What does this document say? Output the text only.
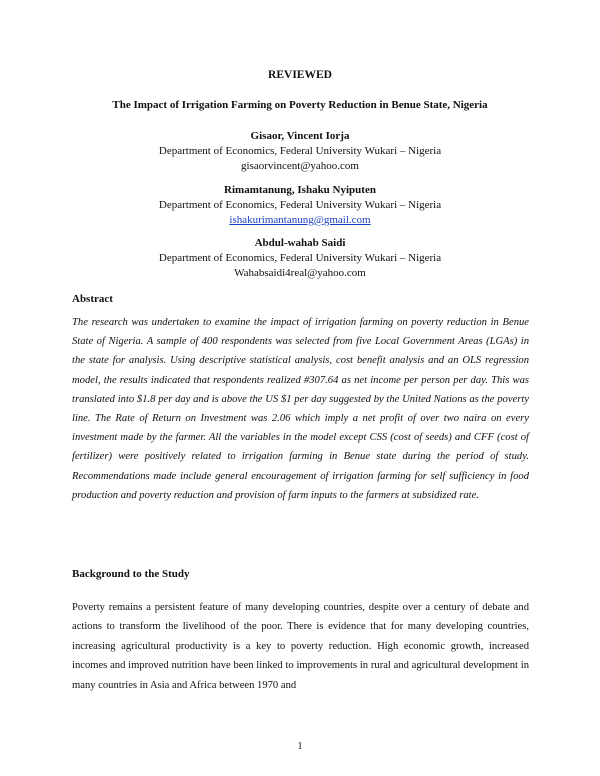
REVIEWED
The Impact of Irrigation Farming on Poverty Reduction in Benue State, Nigeria
Gisaor, Vincent Iorja
Department of Economics, Federal University Wukari – Nigeria
gisaorvincent@yahoo.com
Rimamtanung, Ishaku Nyiputen
Department of Economics, Federal University Wukari – Nigeria
ishakurimantanung@gmail.com
Abdul-wahab Saidi
Department of Economics, Federal University Wukari – Nigeria
Wahabsaidi4real@yahoo.com
Abstract
The research was undertaken to examine the impact of irrigation farming on poverty reduction in Benue State of Nigeria. A sample of 400 respondents was selected from five Local Government Areas (LGAs) in the state for analysis. Using descriptive statistical analysis, cost benefit analysis and an OLS regression model, the results indicated that respondents realized #307.64 as net income per person per day. This was translated into $1.8 per day and is above the US $1 per day suggested by the United Nations as the poverty line. The Rate of Return on Investment was 2.06 which imply a net profit of over two naira on every investment made by the farmer. All the variables in the model except CSS (cost of seeds) and CFF (cost of fertilizer) were positively related to irrigation farming in Benue state during the period of study. Recommendations made include general encouragement of irrigation farming for self sufficiency in food production and poverty reduction and provision of farm inputs to the farmers at subsidized rate.
Background to the Study
Poverty remains a persistent feature of many developing countries, despite over a century of debate and actions to transform the livelihood of the poor. There is evidence that for many developing countries, increasing agricultural productivity is a key to poverty reduction. High economic growth, increased incomes and improved nutrition have been linked to improvements in rural and agricultural development in many countries in Asia and Africa between 1970 and
1
